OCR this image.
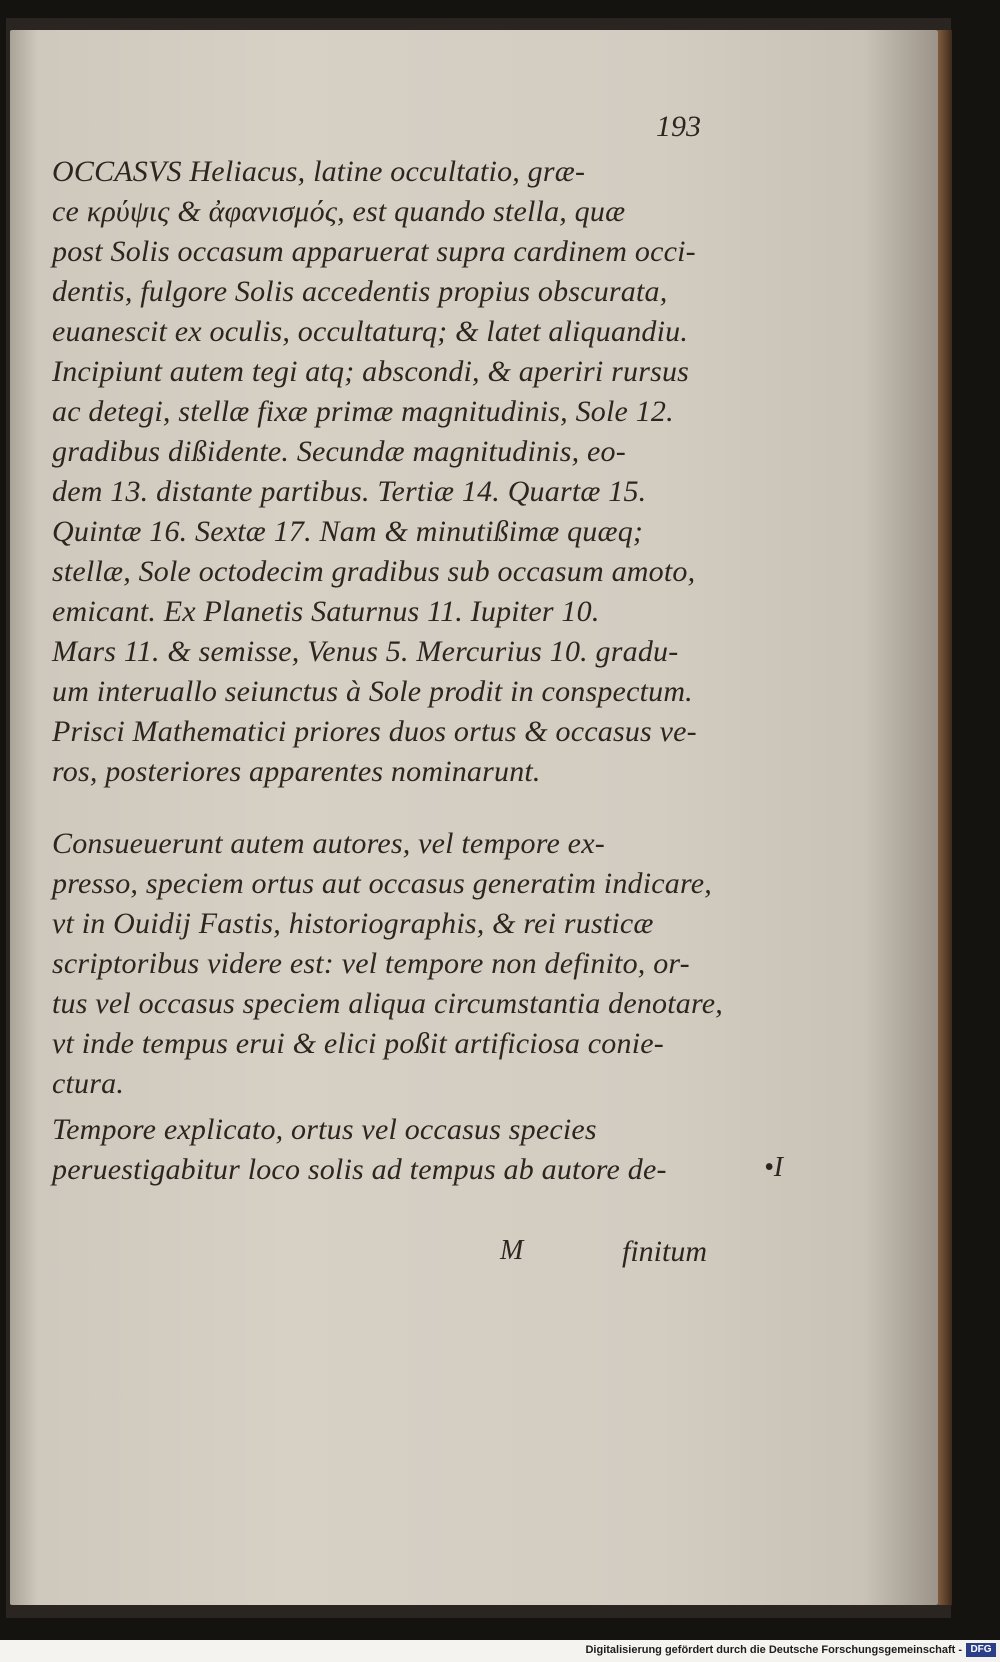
193
OCCASVS Heliacus, latine occultatio, græ-
ce κρύψις & ἀφανισμός, est quando stella, quæ
post Solis occasum apparuerat supra cardinem occi-
dentis, fulgore Solis accedentis propius obscurata,
euanescit ex oculis, occultaturq; & latet aliquandiu.
Incipiunt autem tegi atq; abscondi, & aperiri rursus
ac detegi, stellæ fixæ primæ magnitudinis, Sole 12.
gradibus dißidente. Secundæ magnitudinis, eo-
dem 13. distante partibus. Tertiæ 14. Quartæ 15.
Quintæ 16. Sextæ 17. Nam & minutißimæ quæq;
stellæ, Sole octodecim gradibus sub occasum amoto,
emicant. Ex Planetis Saturnus 11. Iupiter 10.
Mars 11. & semisse, Venus 5. Mercurius 10. gradu-
um interuallo seiunctus à Sole prodit in conspectum.
Prisci Mathematici priores duos ortus & occasus ve-
ros, posteriores apparentes nominarunt.
Consueuerunt autem autores, vel tempore ex-
presso, speciem ortus aut occasus generatim indicare,
vt in Ouidij Fastis, historiographis, & rei rusticæ
scriptoribus videre est: vel tempore non definito, or-
tus vel occasus speciem aliqua circumstantia denotare,
vt inde tempus erui & elici poßit artificiosa conie-
ctura.
Tempore explicato, ortus vel occasus species
peruestigabitur loco solis ad tempus ab autore de-	•I
M	finitum
Digitalisierung gefördert durch die Deutsche Forschungsgemeinschaft - DFG
